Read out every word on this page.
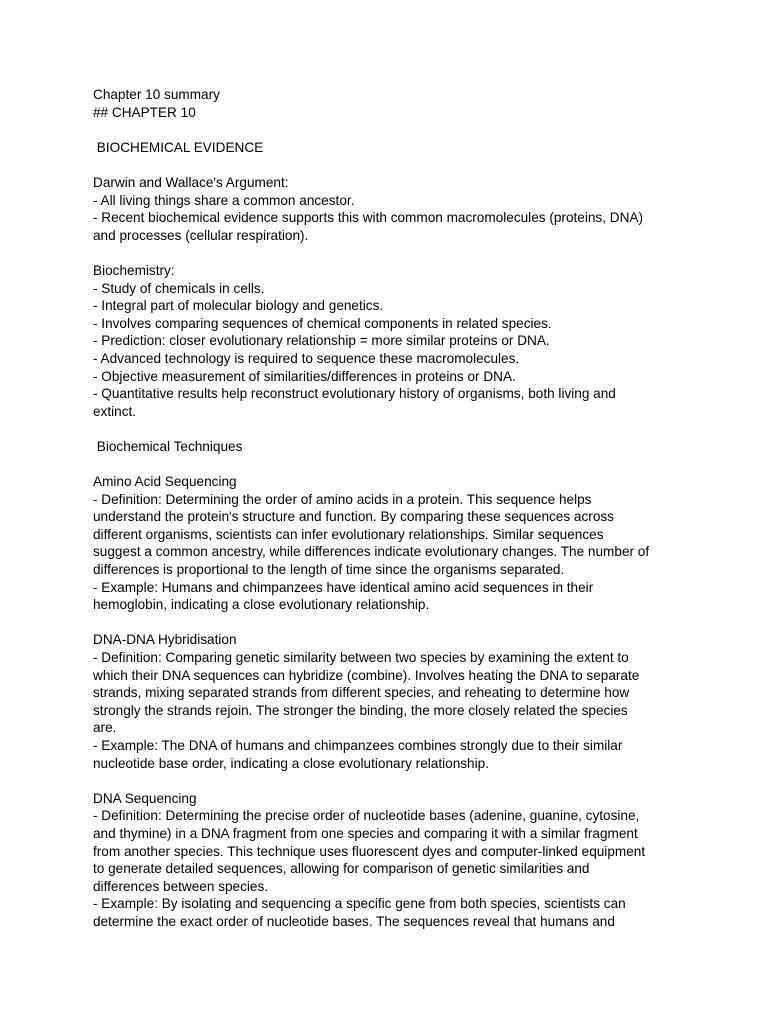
Chapter 10 summary
## CHAPTER 10
BIOCHEMICAL EVIDENCE
Darwin and Wallace's Argument:
- All living things share a common ancestor.
- Recent biochemical evidence supports this with common macromolecules (proteins, DNA)
and processes (cellular respiration).
Biochemistry:
- Study of chemicals in cells.
- Integral part of molecular biology and genetics.
- Involves comparing sequences of chemical components in related species.
- Prediction: closer evolutionary relationship = more similar proteins or DNA.
- Advanced technology is required to sequence these macromolecules.
- Objective measurement of similarities/differences in proteins or DNA.
- Quantitative results help reconstruct evolutionary history of organisms, both living and
extinct.
Biochemical Techniques
Amino Acid Sequencing
- Definition: Determining the order of amino acids in a protein. This sequence helps
understand the protein's structure and function. By comparing these sequences across
different organisms, scientists can infer evolutionary relationships. Similar sequences
suggest a common ancestry, while differences indicate evolutionary changes. The number of
differences is proportional to the length of time since the organisms separated.
- Example: Humans and chimpanzees have identical amino acid sequences in their
hemoglobin, indicating a close evolutionary relationship.
DNA-DNA Hybridisation
- Definition: Comparing genetic similarity between two species by examining the extent to
which their DNA sequences can hybridize (combine). Involves heating the DNA to separate
strands, mixing separated strands from different species, and reheating to determine how
strongly the strands rejoin. The stronger the binding, the more closely related the species
are.
- Example: The DNA of humans and chimpanzees combines strongly due to their similar
nucleotide base order, indicating a close evolutionary relationship.
DNA Sequencing
- Definition: Determining the precise order of nucleotide bases (adenine, guanine, cytosine,
and thymine) in a DNA fragment from one species and comparing it with a similar fragment
from another species. This technique uses fluorescent dyes and computer-linked equipment
to generate detailed sequences, allowing for comparison of genetic similarities and
differences between species.
- Example: By isolating and sequencing a specific gene from both species, scientists can
determine the exact order of nucleotide bases. The sequences reveal that humans and
